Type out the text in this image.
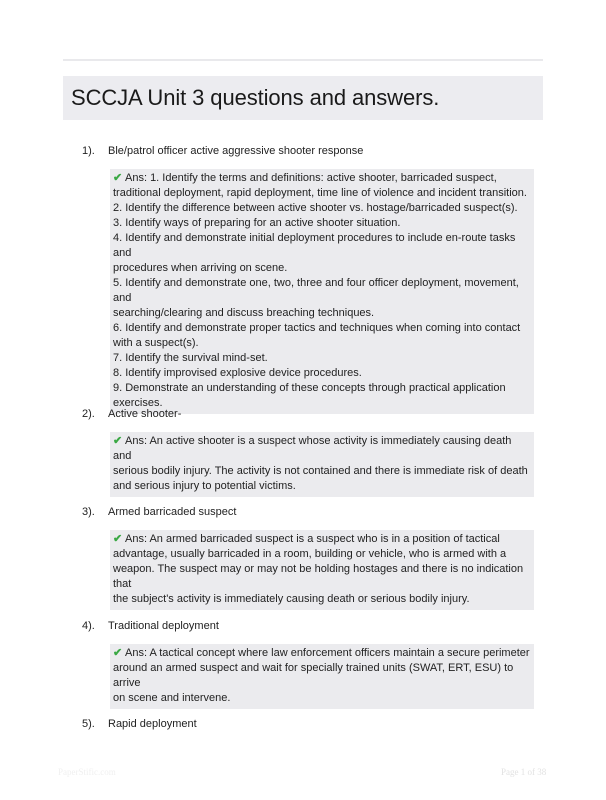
SCCJA Unit 3 questions and answers.
1). Ble/patrol officer active aggressive shooter response

✔ Ans: 1. Identify the terms and definitions: active shooter, barricaded suspect,

traditional deployment, rapid deployment, time line of violence and incident transition.

2. Identify the difference between active shooter vs. hostage/barricaded suspect(s).

3. Identify ways of preparing for an active shooter situation.

4. Identify and demonstrate initial deployment procedures to include en-route tasks and

procedures when arriving on scene.

5. Identify and demonstrate one, two, three and four officer deployment, movement, and

searching/clearing and discuss breaching techniques.

6. Identify and demonstrate proper tactics and techniques when coming into contact

with a suspect(s).

7. Identify the survival mind-set.

8. Identify improvised explosive device procedures.

9. Demonstrate an understanding of these concepts through practical application

exercises.

2). Active shooter-

✔ Ans: An active shooter is a suspect whose activity is immediately causing death and

serious bodily injury. The activity is not contained and there is immediate risk of death

and serious injury to potential victims.

3). Armed barricaded suspect

✔ Ans: An armed barricaded suspect is a suspect who is in a position of tactical

advantage, usually barricaded in a room, building or vehicle, who is armed with a

weapon. The suspect may or may not be holding hostages and there is no indication that

the subject's activity is immediately causing death or serious bodily injury.

4). Traditional deployment

✔ Ans: A tactical concept where law enforcement officers maintain a secure perimeter

around an armed suspect and wait for specially trained units (SWAT, ERT, ESU) to arrive

on scene and intervene.

5). Rapid deployment
PaperStific.com	Page 1 of 38
